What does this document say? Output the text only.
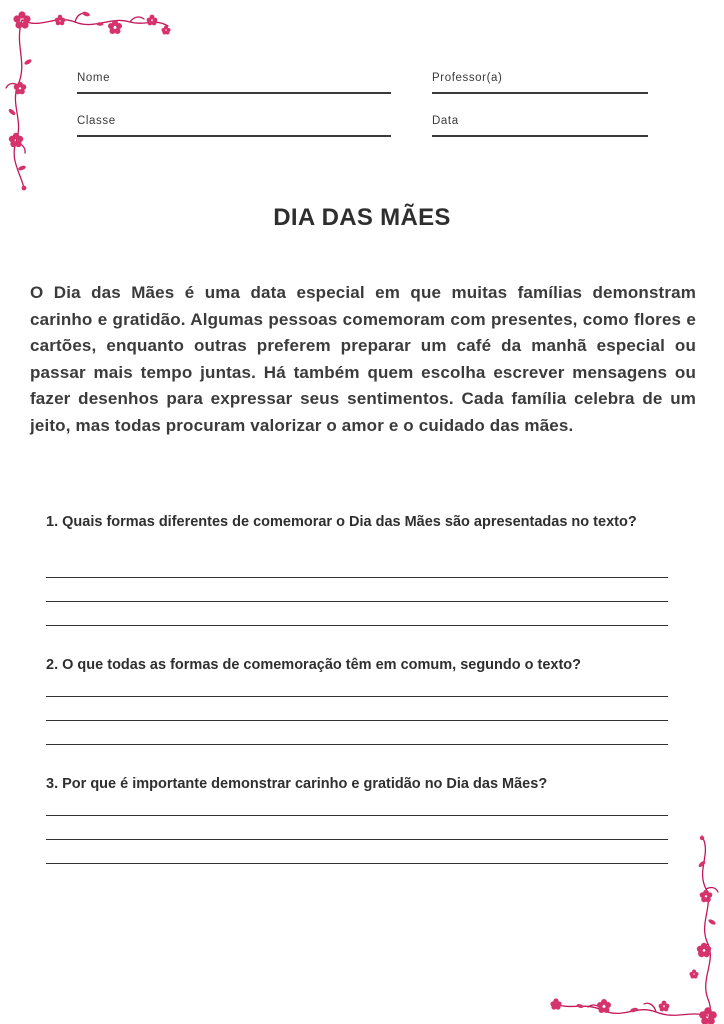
Nome	Professor(a)
Classe	Data
DIA DAS MÃES

O Dia das Mães é uma data especial em que muitas famílias demonstram carinho e gratidão. Algumas pessoas comemoram com presentes, como flores e cartões, enquanto outras preferem preparar um café da manhã especial ou passar mais tempo juntas. Há também quem escolha escrever mensagens ou fazer desenhos para expressar seus sentimentos. Cada família celebra de um jeito, mas todas procuram valorizar o amor e o cuidado das mães.

1. Quais formas diferentes de comemorar o Dia das Mães são apresentadas no texto?

2. O que todas as formas de comemoração têm em comum, segundo o texto?

3. Por que é importante demonstrar carinho e gratidão no Dia das Mães?
